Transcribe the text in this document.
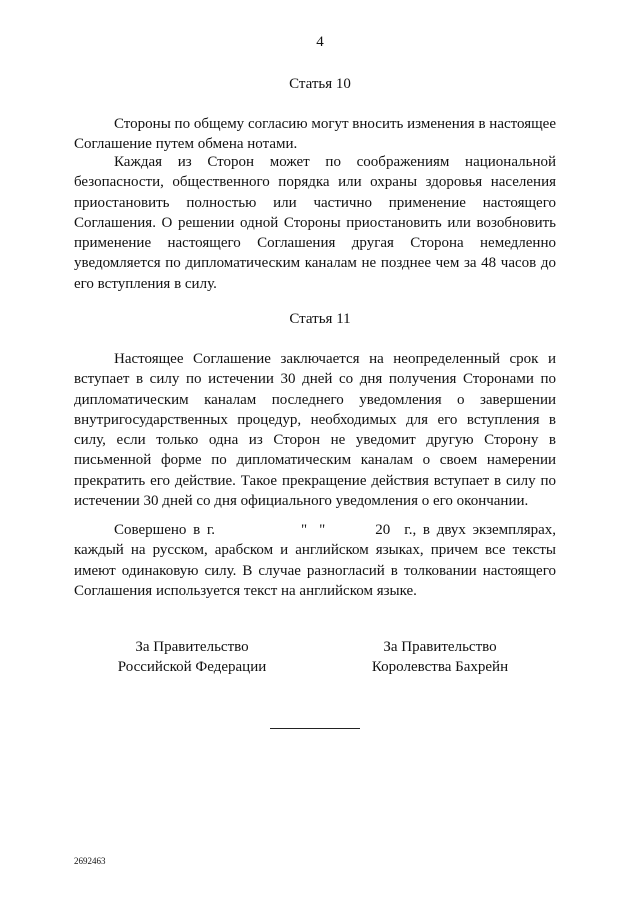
4
Статья 10

Стороны по общему согласию могут вносить изменения в настоящее Соглашение путем обмена нотами.

Каждая из Сторон может по соображениям национальной безопасности, общественного порядка или охраны здоровья населения приостановить полностью или частично применение настоящего Соглашения. О решении одной Стороны приостановить или возобновить применение настоящего Соглашения другая Сторона немедленно уведомляется по дипломатическим каналам не позднее чем за 48 часов до его вступления в силу.

Статья 11

Настоящее Соглашение заключается на неопределенный срок и вступает в силу по истечении 30 дней со дня получения Сторонами по дипломатическим каналам последнего уведомления о завершении внутригосударственных процедур, необходимых для его вступления в силу, если только одна из Сторон не уведомит другую Сторону в письменной форме по дипломатическим каналам о своем намерении прекратить его действие. Такое прекращение действия вступает в силу по истечении 30 дней со дня официального уведомления о его окончании.

Совершено в г.	" "	20 г., в двух экземплярах, каждый на русском, арабском и английском языках, причем все тексты имеют одинаковую силу. В случае разногласий в толковании настоящего Соглашения используется текст на английском языке.

За Правительство
Российской Федерации
За Правительство
Королевства Бахрейн
2692463
